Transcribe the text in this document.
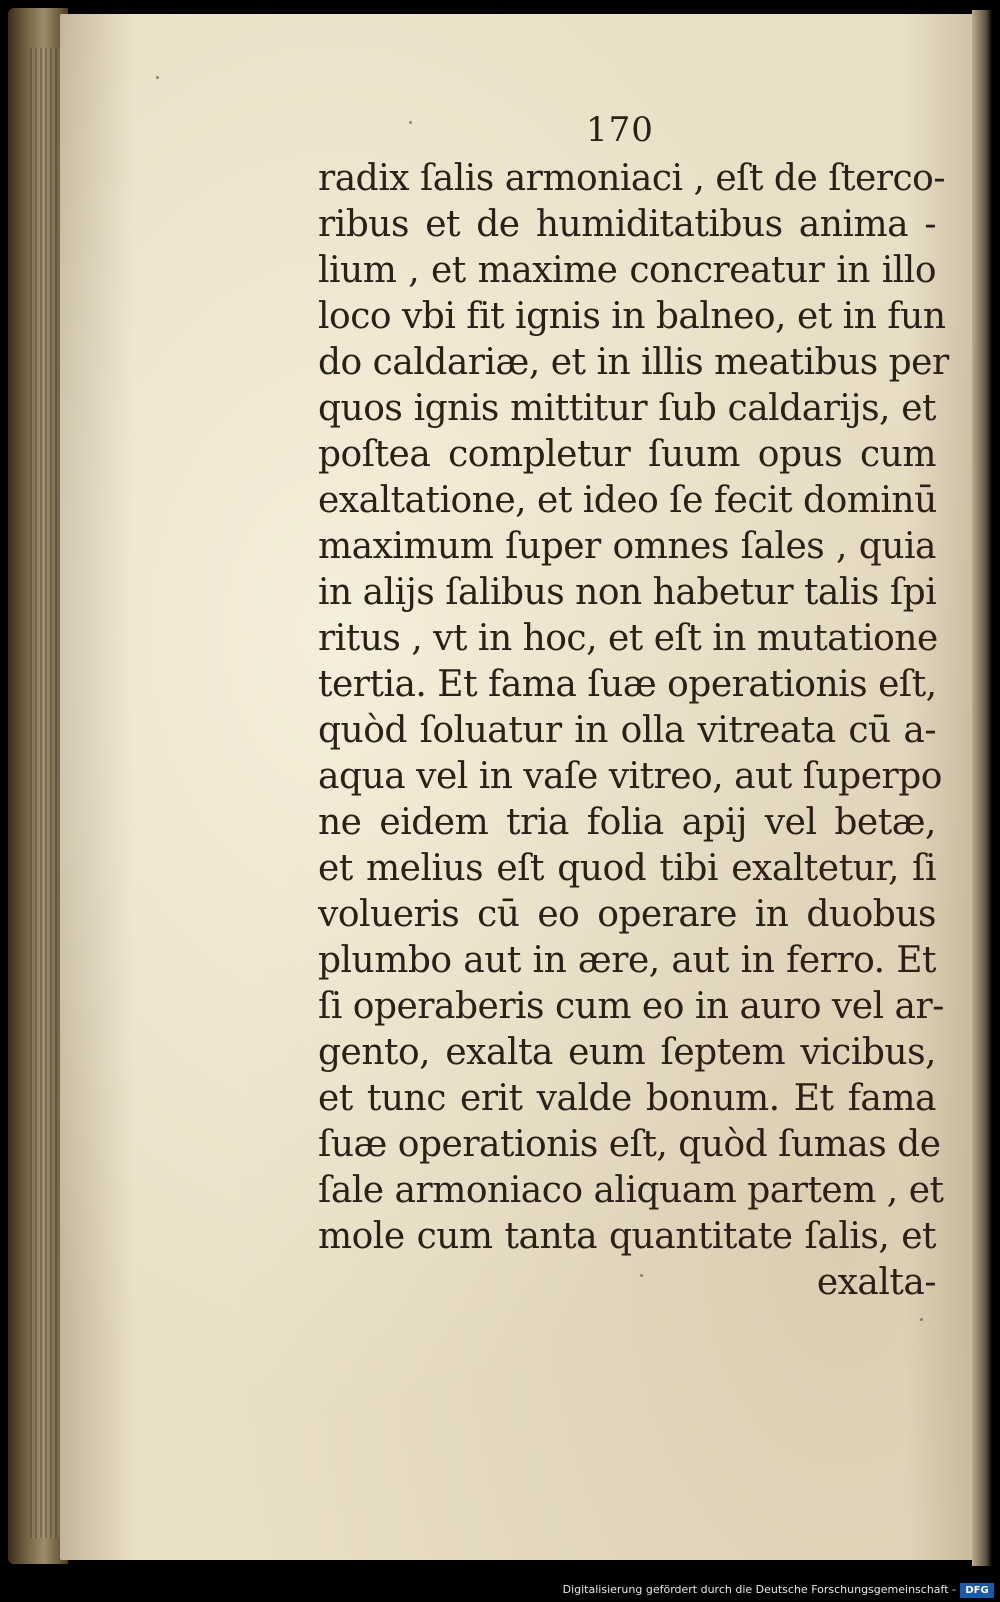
170
radix ſalis armoniaci , eſt de ſterco-
ribus et de humiditatibus anima -
lium , et maxime concreatur in illo
loco vbi fit ignis in balneo, et in fun
do caldariæ, et in illis meatibus per
quos ignis mittitur ſub caldarijs, et
poſtea completur ſuum opus cum
exaltatione, et ideo ſe fecit dominū
maximum ſuper omnes ſales , quia
in alijs ſalibus non habetur talis ſpi
ritus , vt in hoc, et eſt in mutatione
tertia. Et fama ſuæ operationis eſt,
quòd ſoluatur in olla vitreata cū a-
aqua vel in vaſe vitreo, aut ſuperpo
ne eidem tria folia apij vel betæ,
et melius eſt quod tibi exaltetur, ſi
volueris cū eo operare in duobus
plumbo aut in ære, aut in ferro. Et
ſi operaberis cum eo in auro vel ar-
gento, exalta eum ſeptem vicibus,
et tunc erit valde bonum. Et fama
ſuæ operationis eſt, quòd ſumas de
ſale armoniaco aliquam partem , et
mole cum tanta quantitate ſalis, et
exalta-
Digitalisierung gefördert durch die Deutsche Forschungsgemeinschaft - DFG
